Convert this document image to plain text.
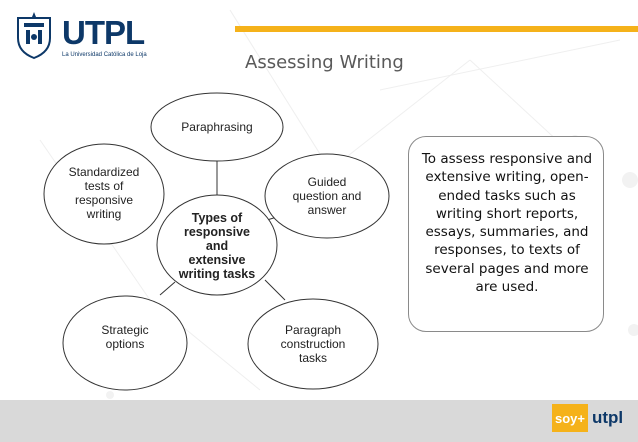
UTPL
La Universidad Católica de Loja	Assessing Writing
Paraphrasing
Guided
question and
answer
Paragraph
construction
tasks
Strategic
options
Standardized
tests of
responsive
writing	Types of
responsive
and
extensive
writing tasks
To assess responsive and extensive writing, open-ended tasks such as writing short reports, essays, summaries, and responses, to texts of several pages and more are used.
soy+ utpl
